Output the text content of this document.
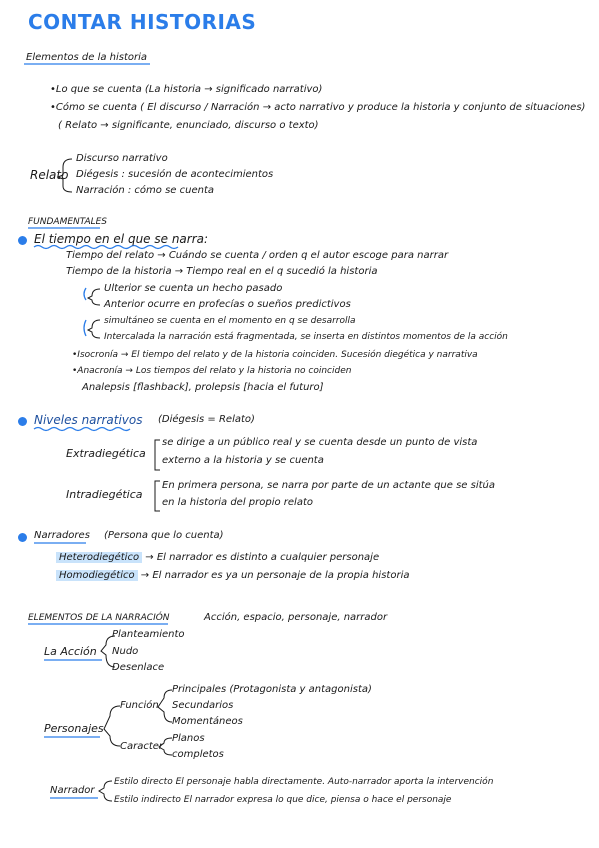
CONTAR HISTORIAS
Elementos de la historia
•Lo que se cuenta (La historia → significado narrativo)
•Cómo se cuenta ( El discurso / Narración → acto narrativo y produce la historia y conjunto de situaciones)
( Relato → significante, enunciado, discurso o texto)
Relato
Discurso narrativo
Diégesis : sucesión de acontecimientos
Narración : cómo se cuenta
FUNDAMENTALES
El tiempo en el que se narra:
Tiempo del relato → Cuándo se cuenta / orden q el autor escoge para narrar
Tiempo de la historia → Tiempo real en el q sucedió la historia
Ulterior se cuenta un hecho pasado
Anterior ocurre en profecías o sueños predictivos
simultáneo se cuenta en el momento en q se desarrolla
Intercalada la narración está fragmentada, se inserta en distintos momentos de la acción
•Isocronía → El tiempo del relato y de la historia coinciden. Sucesión diegética y narrativa
•Anacronía → Los tiempos del relato y la historia no coinciden
Analepsis [flashback], prolepsis [hacia el futuro]
Niveles narrativos (Diégesis = Relato)
Extradiegética
se dirige a un público real y se cuenta desde un punto de vista
externo a la historia y se cuenta
Intradiegética
En primera persona, se narra por parte de un actante que se sitúa
en la historia del propio relato
Narradores (Persona que lo cuenta)
Heterodiegético → El narrador es distinto a cualquier personaje
Homodiegético → El narrador es ya un personaje de la propia historia
ELEMENTOS DE LA NARRACIÓN	Acción, espacio, personaje, narrador
La Acción
Planteamiento
Nudo
Desenlace
Personajes
Función
Principales (Protagonista y antagonista)
Secundarios
Momentáneos
Caracter
Planos
completos
Narrador
Estilo directo El personaje habla directamente. Auto-narrador aporta la intervención
Estilo indirecto El narrador expresa lo que dice, piensa o hace el personaje
